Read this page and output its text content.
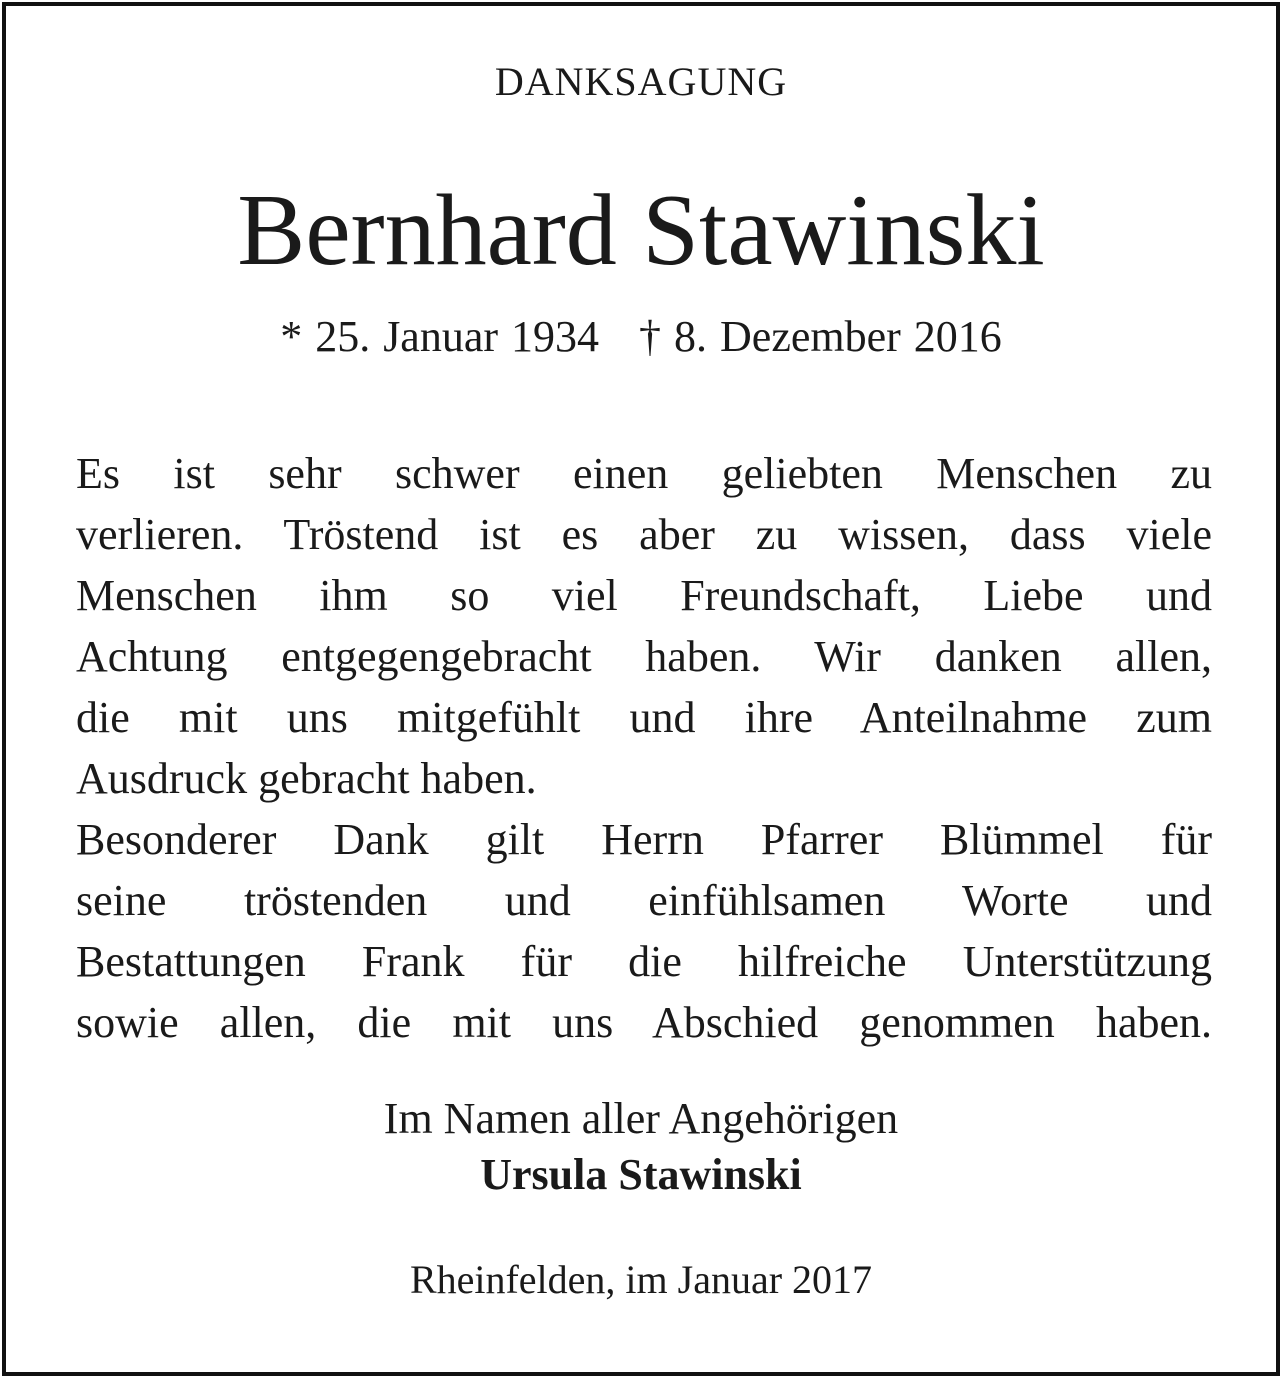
DANKSAGUNG
Bernhard Stawinski
* 25. Januar 1934 † 8. Dezember 2016

Es ist sehr schwer einen geliebten Menschen zu
verlieren. Tröstend ist es aber zu wissen, dass viele
Menschen ihm so viel Freundschaft, Liebe und
Achtung entgegengebracht haben. Wir danken allen,
die mit uns mitgefühlt und ihre Anteilnahme zum
Ausdruck gebracht haben.

Besonderer Dank gilt Herrn Pfarrer Blümmel für
seine tröstenden und einfühlsamen Worte und
Bestattungen Frank für die hilfreiche Unterstützung
sowie allen, die mit uns Abschied genommen haben.

Im Namen aller Angehörigen
Ursula Stawinski
Rheinfelden, im Januar 2017
